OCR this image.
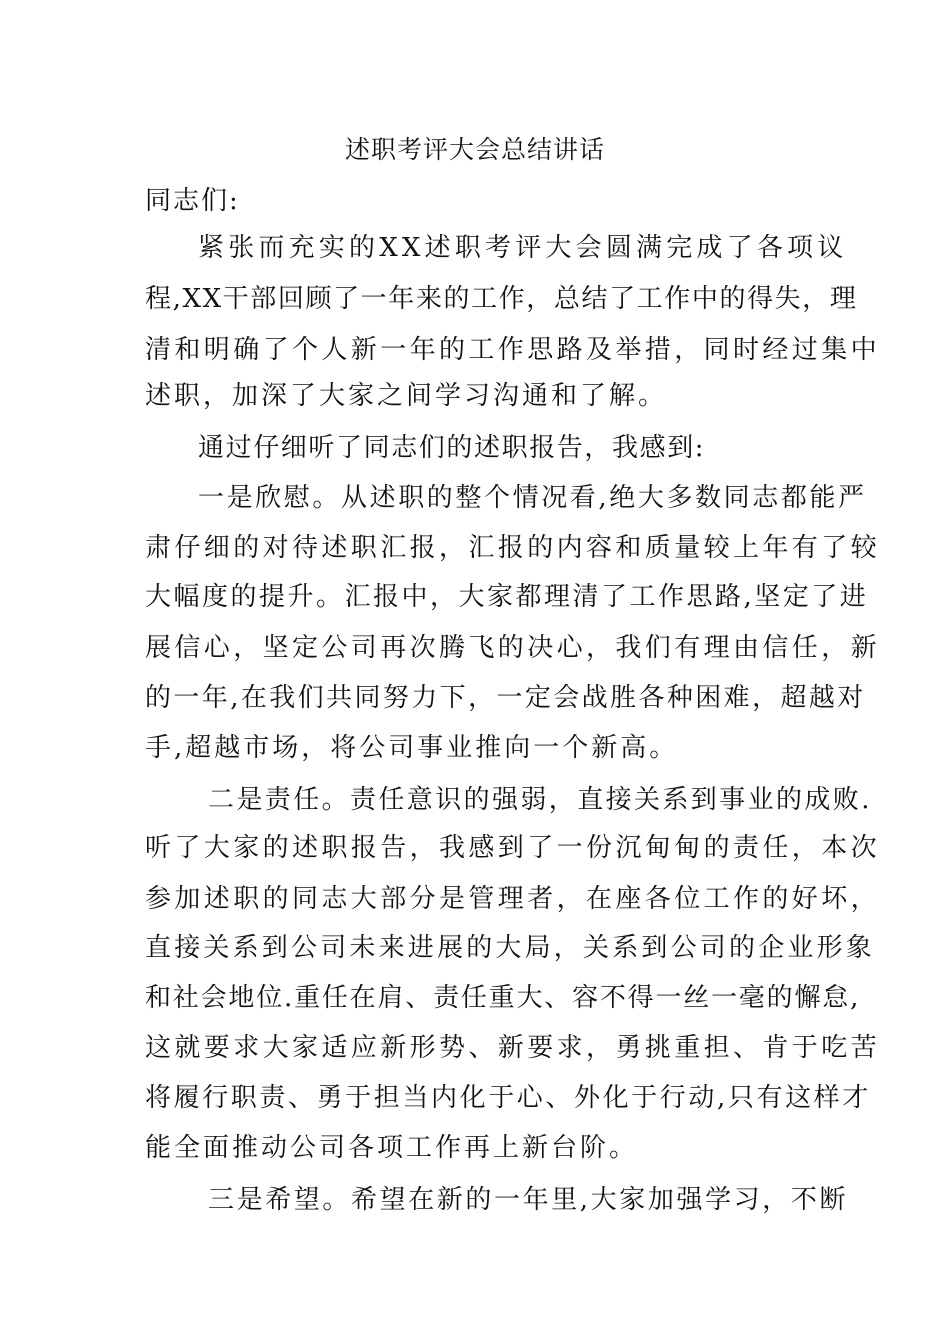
述职考评大会总结讲话
同志们:
紧张而充实的XX述职考评大会圆满完成了各项议
程,XX干部回顾了一年来的工作，总结了工作中的得失，理
清和明确了个人新一年的工作思路及举措，同时经过集中
述职，加深了大家之间学习沟通和了解。
通过仔细听了同志们的述职报告，我感到:
一是欣慰。从述职的整个情况看,绝大多数同志都能严
肃仔细的对待述职汇报，汇报的内容和质量较上年有了较
大幅度的提升。汇报中，大家都理清了工作思路,坚定了进
展信心，坚定公司再次腾飞的决心，我们有理由信任，新
的一年,在我们共同努力下，一定会战胜各种困难，超越对
手,超越市场，将公司事业推向一个新高。
二是责任。责任意识的强弱，直接关系到事业的成败.
听了大家的述职报告，我感到了一份沉甸甸的责任，本次
参加述职的同志大部分是管理者，在座各位工作的好坏，
直接关系到公司未来进展的大局，关系到公司的企业形象
和社会地位.重任在肩、责任重大、容不得一丝一毫的懈怠,
这就要求大家适应新形势、新要求，勇挑重担、肯于吃苦
将履行职责、勇于担当内化于心、外化于行动,只有这样才
能全面推动公司各项工作再上新台阶。
三是希望。希望在新的一年里,大家加强学习，不断
